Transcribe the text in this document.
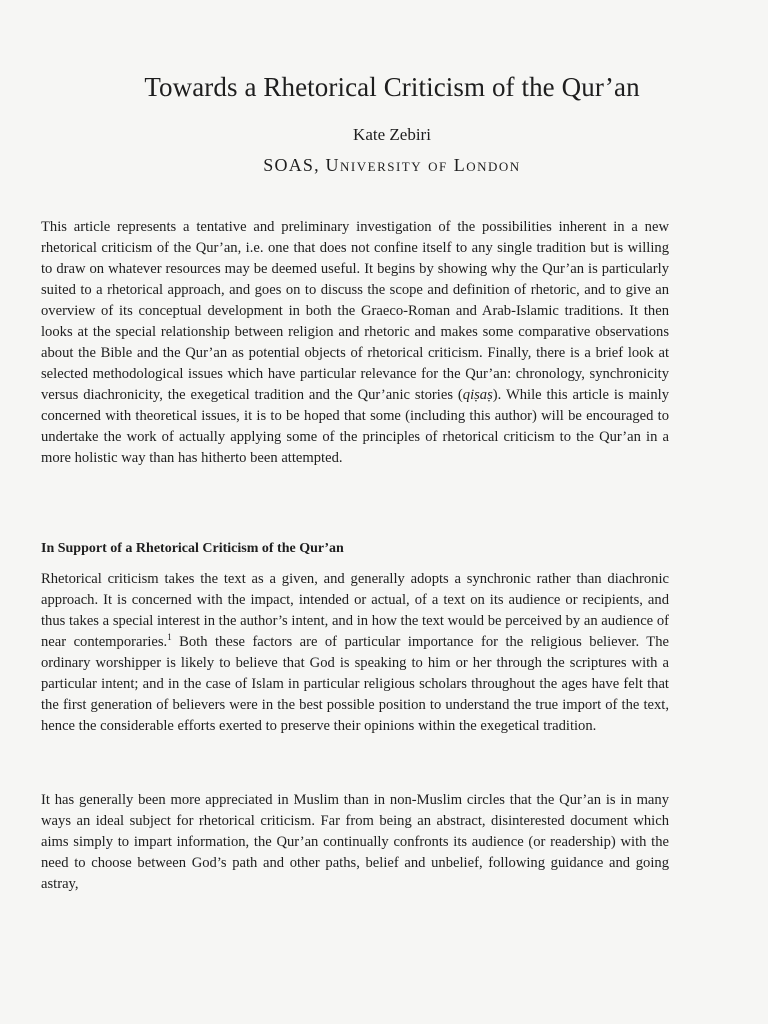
Towards a Rhetorical Criticism of the Qur’an
Kate Zebiri
SOAS, University of London

This article represents a tentative and preliminary investigation of the possibilities inherent in a new rhetorical criticism of the Qur’an, i.e. one that does not confine itself to any single tradition but is willing to draw on whatever resources may be deemed useful. It begins by showing why the Qur’an is particularly suited to a rhetorical approach, and goes on to discuss the scope and definition of rhetoric, and to give an overview of its conceptual development in both the Graeco-Roman and Arab-Islamic traditions. It then looks at the special relationship between religion and rhetoric and makes some comparative observations about the Bible and the Qur’an as potential objects of rhetorical criticism. Finally, there is a brief look at selected methodological issues which have particular relevance for the Qur’an: chronology, synchronicity versus diachronicity, the exegetical tradition and the Qur’anic stories (qiṣaṣ). While this article is mainly concerned with theoretical issues, it is to be hoped that some (including this author) will be encouraged to undertake the work of actually applying some of the principles of rhetorical criticism to the Qur’an in a more holistic way than has hitherto been attempted.

In Support of a Rhetorical Criticism of the Qur’an

Rhetorical criticism takes the text as a given, and generally adopts a synchronic rather than diachronic approach. It is concerned with the impact, intended or actual, of a text on its audience or recipients, and thus takes a special interest in the author’s intent, and in how the text would be perceived by an audience of near contemporaries.$^1$ Both these factors are of particular importance for the religious believer. The ordinary worshipper is likely to believe that God is speaking to him or her through the scriptures with a particular intent; and in the case of Islam in particular religious scholars throughout the ages have felt that the first generation of believers were in the best possible position to understand the true import of the text, hence the considerable efforts exerted to preserve their opinions within the exegetical tradition.

It has generally been more appreciated in Muslim than in non-Muslim circles that the Qur’an is in many ways an ideal subject for rhetorical criticism. Far from being an abstract, disinterested document which aims simply to impart information, the Qur’an continually confronts its audience (or readership) with the need to choose between God’s path and other paths, belief and unbelief, following guidance and going astray,
